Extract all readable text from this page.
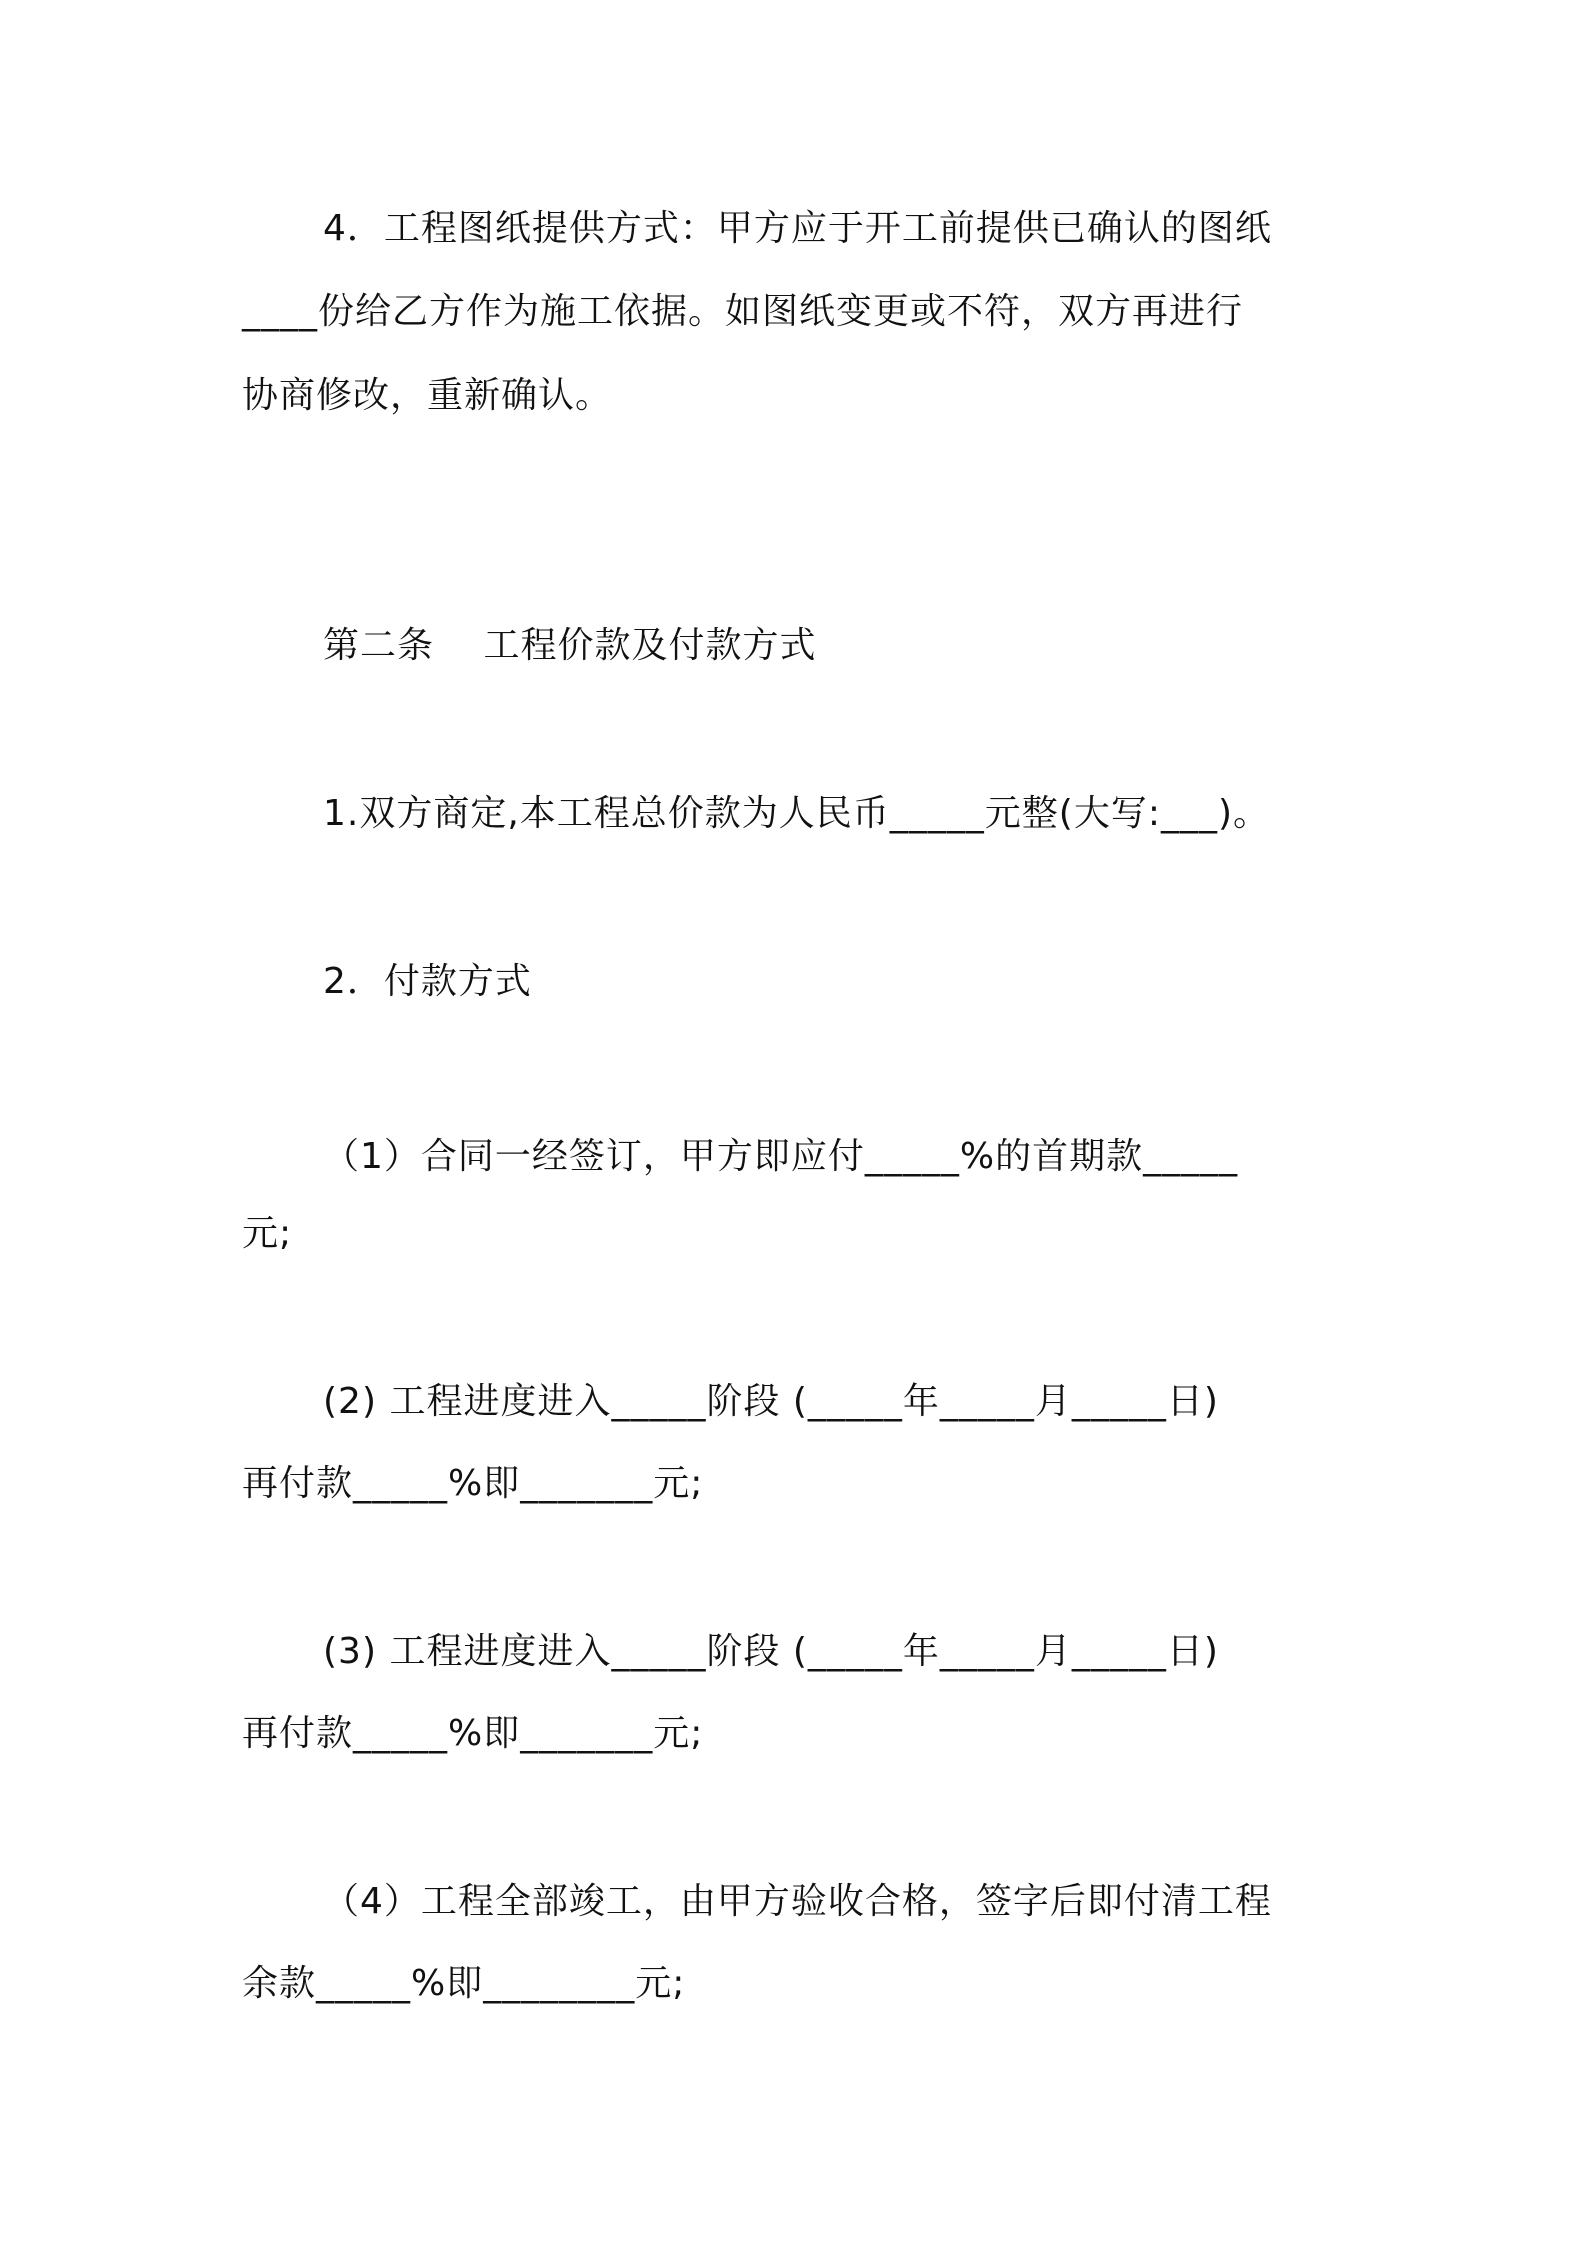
4．工程图纸提供方式：甲方应于开工前提供已确认的图纸

____份给乙方作为施工依据。如图纸变更或不符，双方再进行

协商修改，重新确认。

第二条　 工程价款及付款方式

1.双方商定,本工程总价款为人民币_____元整(大写:___)。

2．付款方式

（1）合同一经签订，甲方即应付_____%的首期款_____

元;

(2) 工程进度进入_____阶段 (_____年_____月_____日)

再付款_____%即_______元;

(3) 工程进度进入_____阶段 (_____年_____月_____日)

再付款_____%即_______元;

（4）工程全部竣工，由甲方验收合格，签字后即付清工程

余款_____%即________元;
